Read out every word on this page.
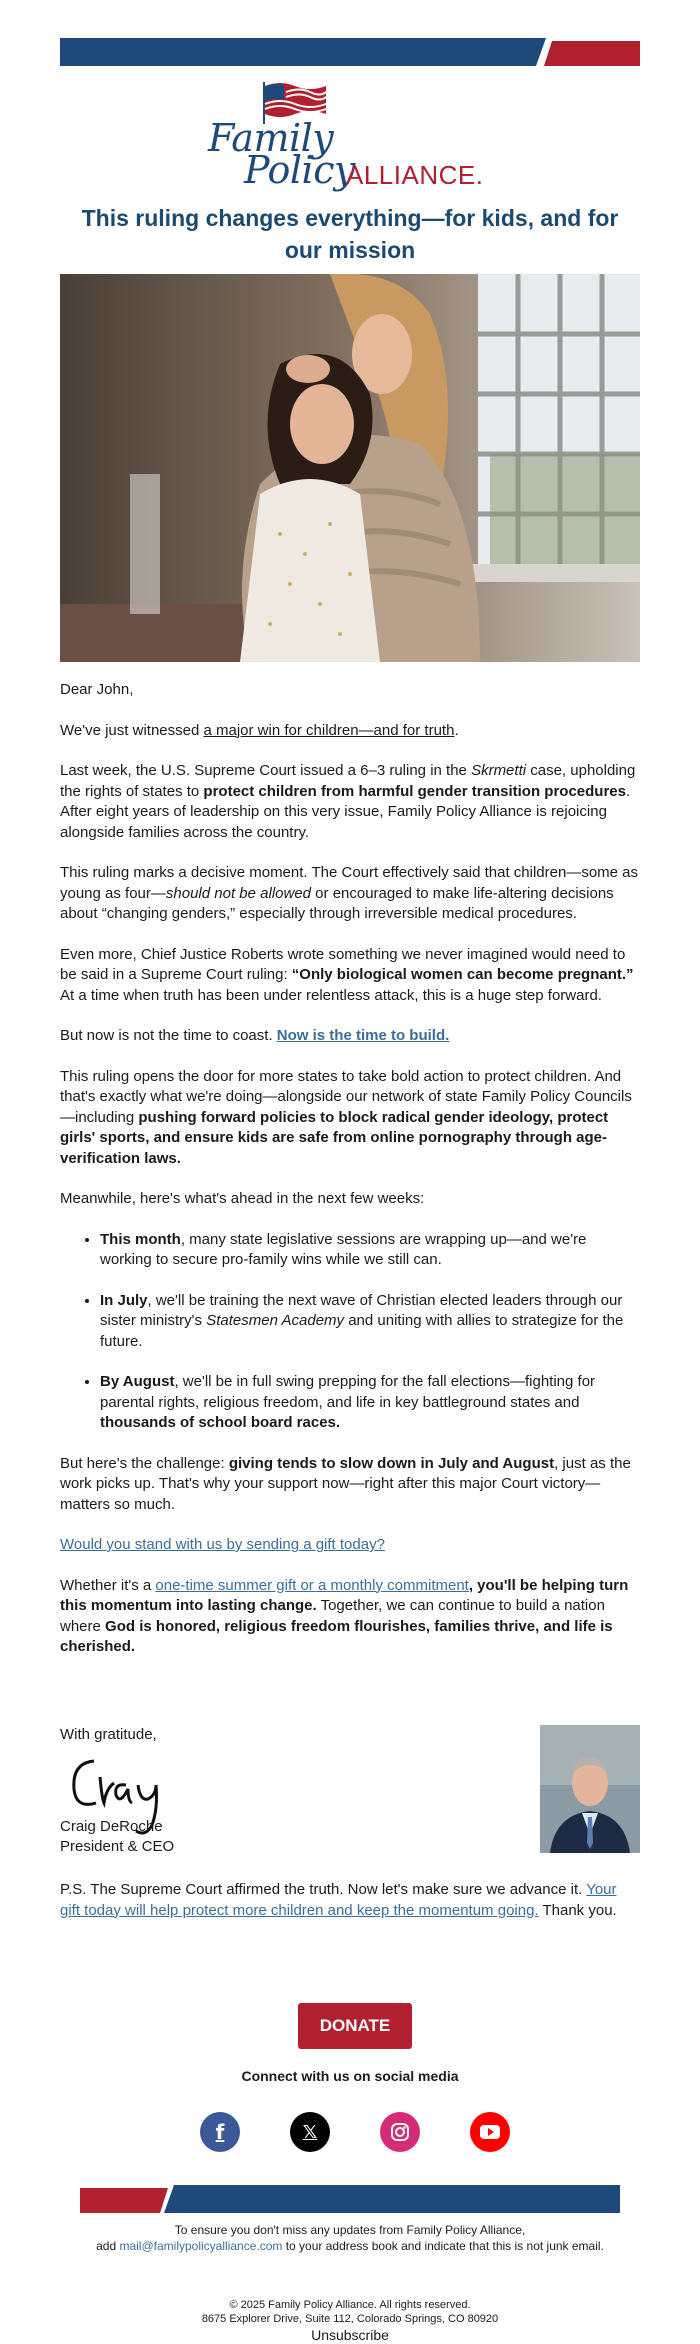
Family
Policy
ALLIANCE.
This ruling changes everything—for kids, and for our mission

Dear John,

We've just witnessed a major win for children—and for truth.

Last week, the U.S. Supreme Court issued a 6–3 ruling in the Skrmetti case, upholding the rights of states to protect children from harmful gender transition procedures. After eight years of leadership on this very issue, Family Policy Alliance is rejoicing alongside families across the country.

This ruling marks a decisive moment. The Court effectively said that children—some as young as four—should not be allowed or encouraged to make life-altering decisions about “changing genders,” especially through irreversible medical procedures.

Even more, Chief Justice Roberts wrote something we never imagined would need to be said in a Supreme Court ruling: “Only biological women can become pregnant.” At a time when truth has been under relentless attack, this is a huge step forward.

But now is not the time to coast. Now is the time to build.

This ruling opens the door for more states to take bold action to protect children. And that's exactly what we're doing—alongside our network of state Family Policy Councils—including pushing forward policies to block radical gender ideology, protect girls' sports, and ensure kids are safe from online pornography through age-verification laws.

Meanwhile, here's what's ahead in the next few weeks:

• This month, many state legislative sessions are wrapping up—and we're working to secure pro-family wins while we still can.
• In July, we'll be training the next wave of Christian elected leaders through our sister ministry's Statesmen Academy and uniting with allies to strategize for the future.
• By August, we'll be in full swing prepping for the fall elections—fighting for parental rights, religious freedom, and life in key battleground states and thousands of school board races.

But here's the challenge: giving tends to slow down in July and August, just as the work picks up. That's why your support now—right after this major Court victory—matters so much.

Would you stand with us by sending a gift today?

Whether it's a one-time summer gift or a monthly commitment, you'll be helping turn this momentum into lasting change. Together, we can continue to build a nation where God is honored, religious freedom flourishes, families thrive, and life is cherished.

With gratitude,
Craig DeRoche
President & CEO
P.S. The Supreme Court affirmed the truth. Now let's make sure we advance it. Your gift today will help protect more children and keep the momentum going. Thank you.
DONATE
Connect with us on social media
f	𝕏
To ensure you don't miss any updates from Family Policy Alliance,
add mail@familypolicyalliance.com to your address book and indicate that this is not junk email.
© 2025 Family Policy Alliance. All rights reserved.
8675 Explorer Drive, Suite 112, Colorado Springs, CO 80920
Unsubscribe
